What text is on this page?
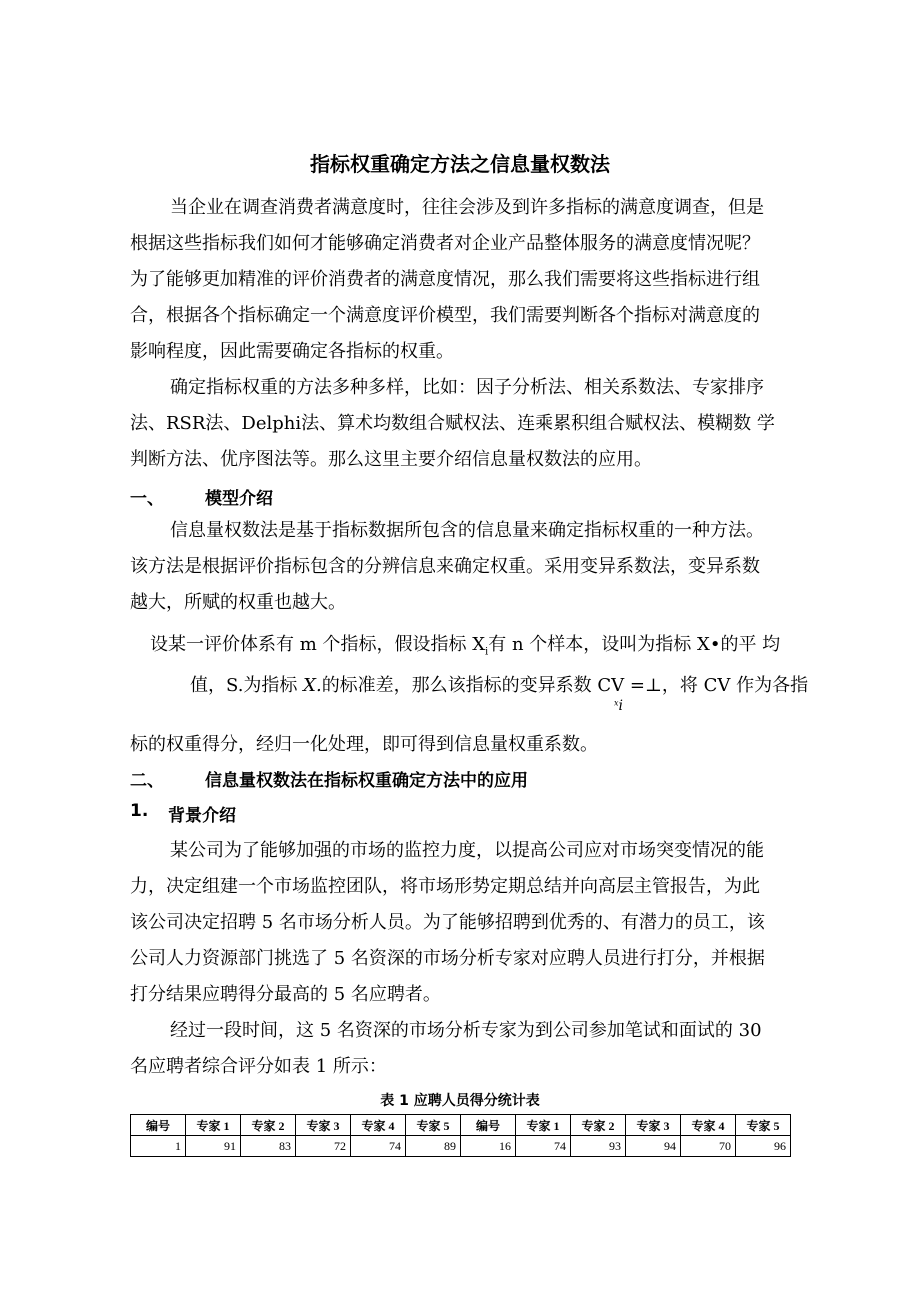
指标权重确定方法之信息量权数法
当企业在调查消费者满意度时，往往会涉及到许多指标的满意度调查，但是
根据这些指标我们如何才能够确定消费者对企业产品整体服务的满意度情况呢？
为了能够更加精准的评价消费者的满意度情况，那么我们需要将这些指标进行组
合，根据各个指标确定一个满意度评价模型，我们需要判断各个指标对满意度的
影响程度，因此需要确定各指标的权重。
确定指标权重的方法多种多样，比如：因子分析法、相关系数法、专家排序
法、RSR法、Delphi法、算术均数组合赋权法、连乘累积组合赋权法、模糊数 学
判断方法、优序图法等。那么这里主要介绍信息量权数法的应用。
一、 模型介绍
信息量权数法是基于指标数据所包含的信息量来确定指标权重的一种方法。
该方法是根据评价指标包含的分辨信息来确定权重。采用变异系数法，变异系数
越大，所赋的权重也越大。
设某一评价体系有 m 个指标，假设指标 $X_i$有 n 个样本，设叫为指标 X•的平 均
值，S.为指标 X.的标准差，那么该指标的变异系数 CV =⊥，将 CV 作为各指
$^x$i
标的权重得分，经归一化处理，即可得到信息量权重系数。
二、 信息量权数法在指标权重确定方法中的应用
1. 背景介绍
某公司为了能够加强的市场的监控力度，以提高公司应对市场突变情况的能
力，决定组建一个市场监控团队，将市场形势定期总结并向高层主管报告，为此
该公司决定招聘 5 名市场分析人员。为了能够招聘到优秀的、有潜力的员工，该
公司人力资源部门挑选了 5 名资深的市场分析专家对应聘人员进行打分，并根据
打分结果应聘得分最高的 5 名应聘者。
经过一段时间，这 5 名资深的市场分析专家为到公司参加笔试和面试的 30
名应聘者综合评分如表 1 所示：
表 1 应聘人员得分统计表
编号	专家 1	专家 2	专家 3	专家 4	专家 5	编号	专家 1	专家 2	专家 3	专家 4	专家 5
1	91	83	72	74	89	16	74	93	94	70	96
